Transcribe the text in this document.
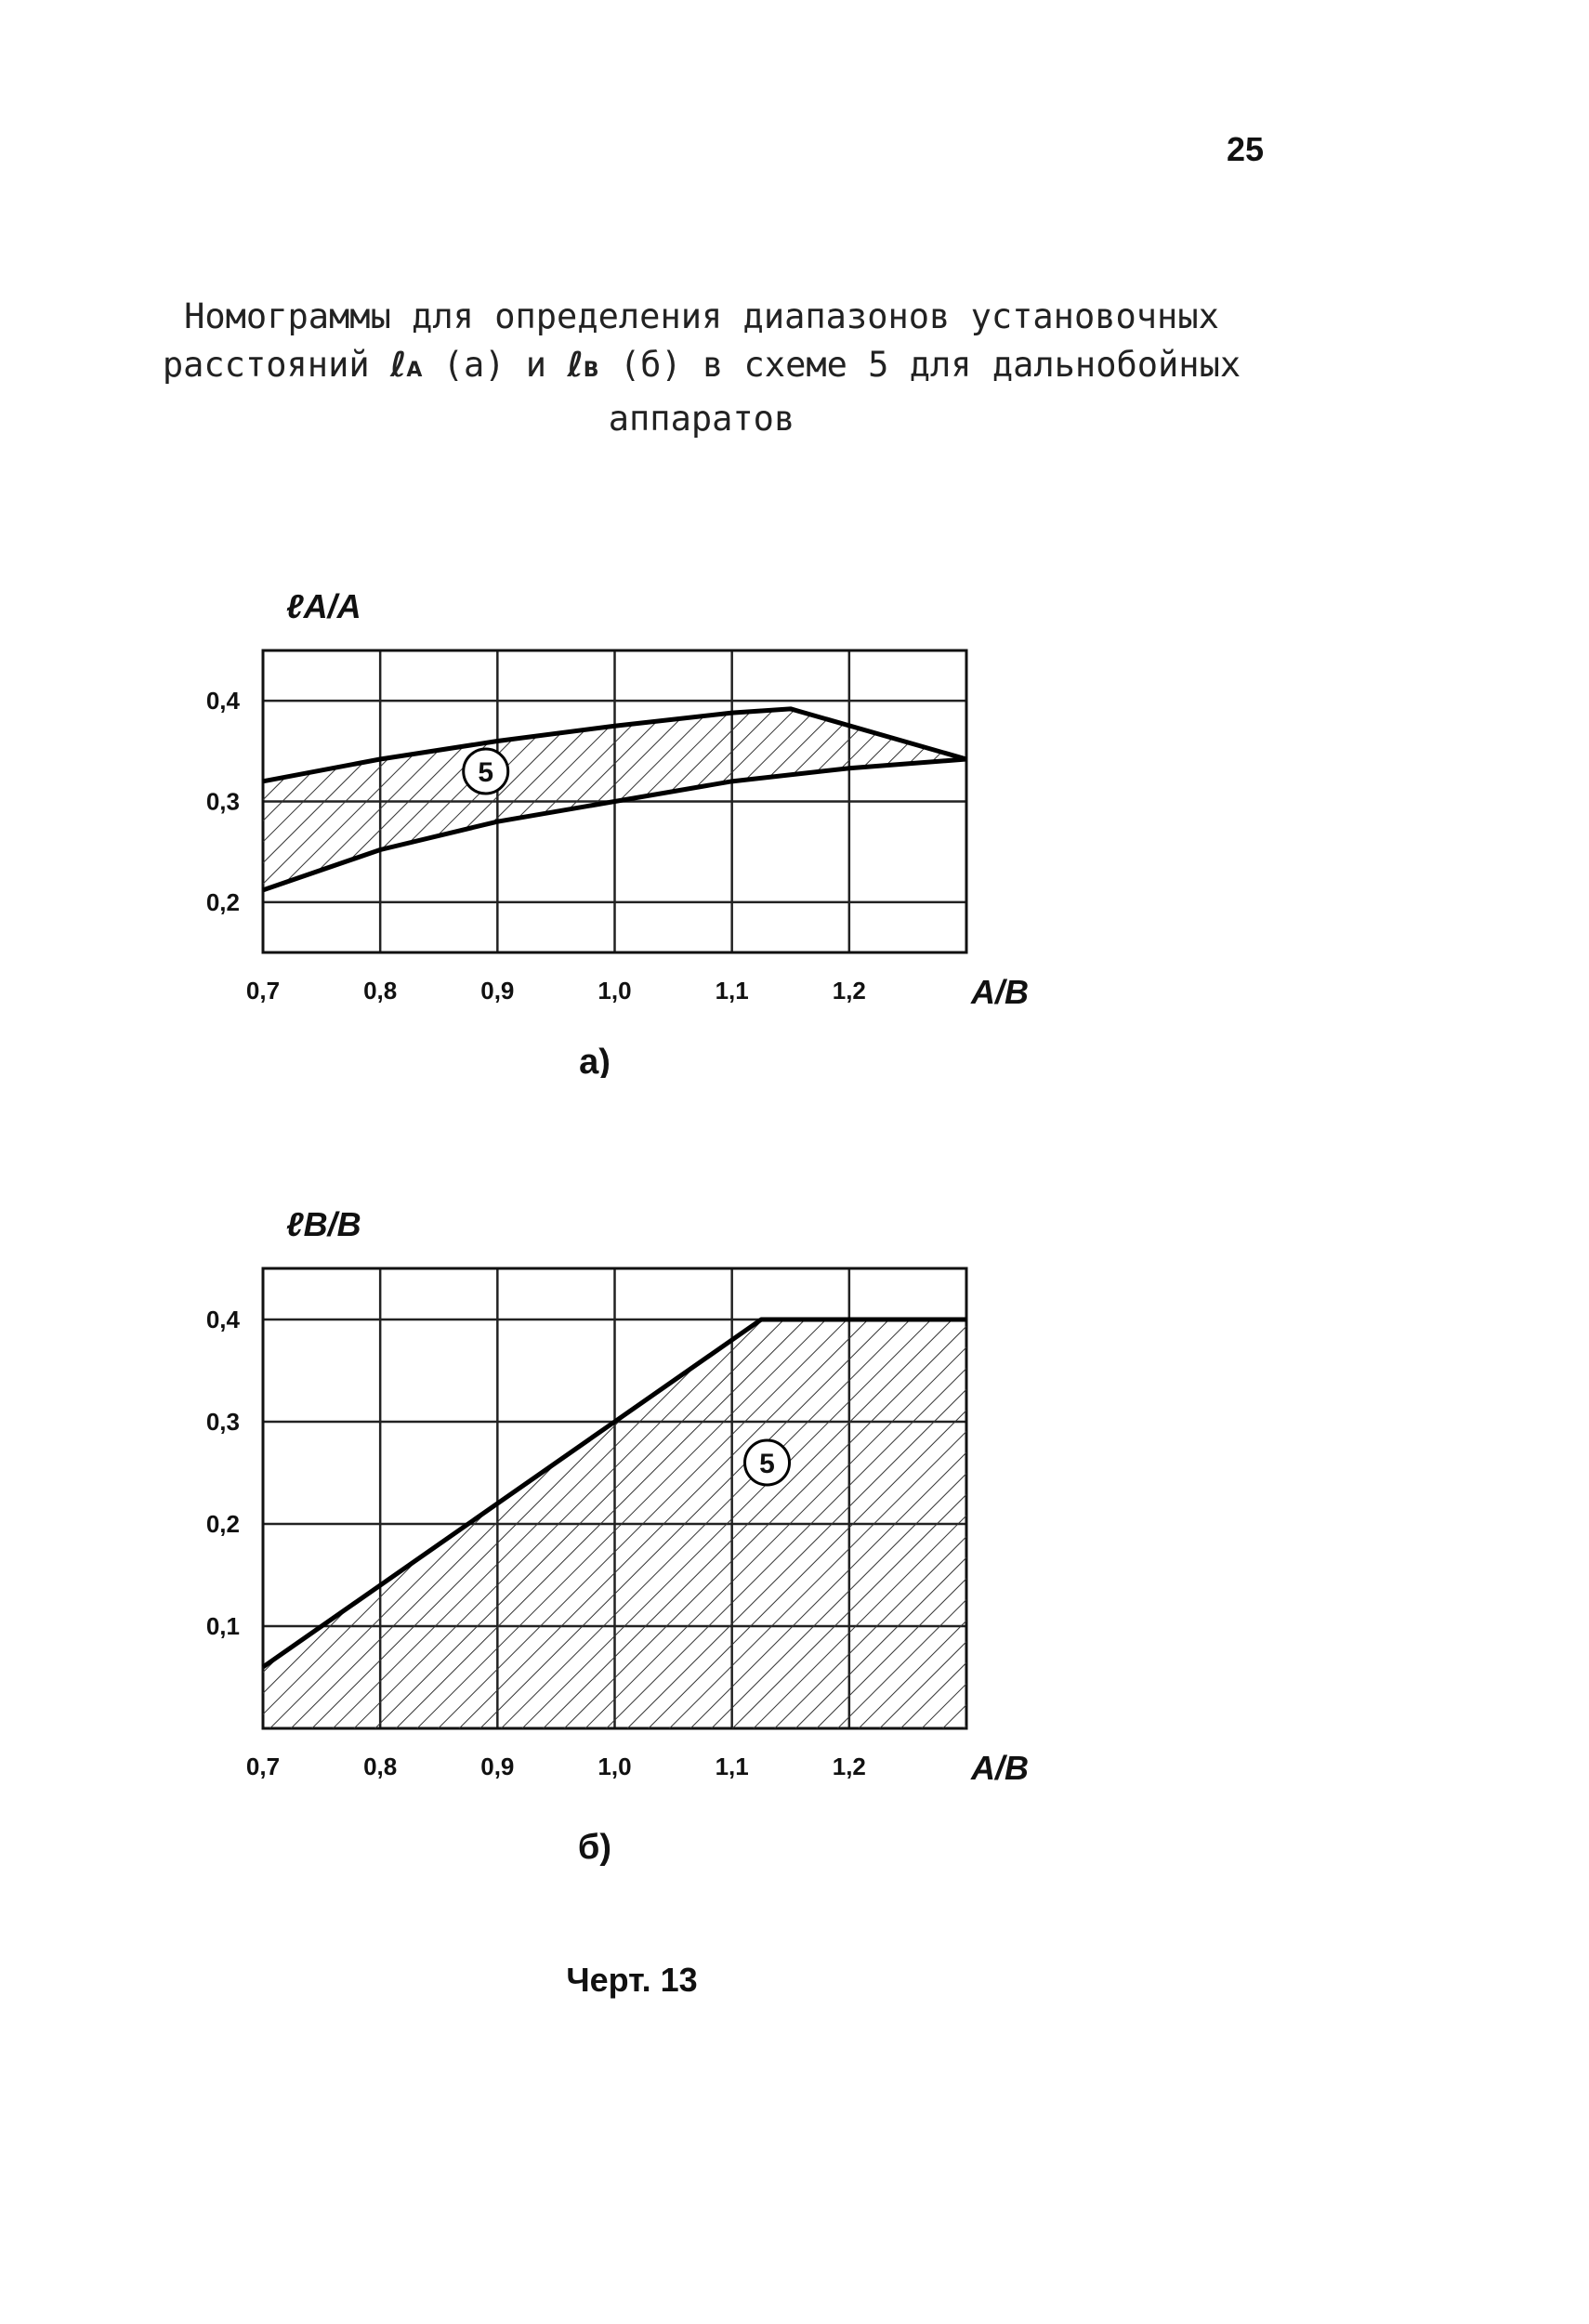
25
Номограммы для определения диапазонов установочных
расстояний ℓA (а) и ℓB (б) в схеме 5 для дальнобойных
аппаратов
5
0,7	0,8	0,9	1,0	1,1	1,2
0,2
0,3
0,4
A/B
ℓA/A
а)
5
0,7	0,8	0,9	1,0	1,1	1,2
0,1
0,2
0,3
0,4
A/B
ℓB/B
б)
Черт. 13
